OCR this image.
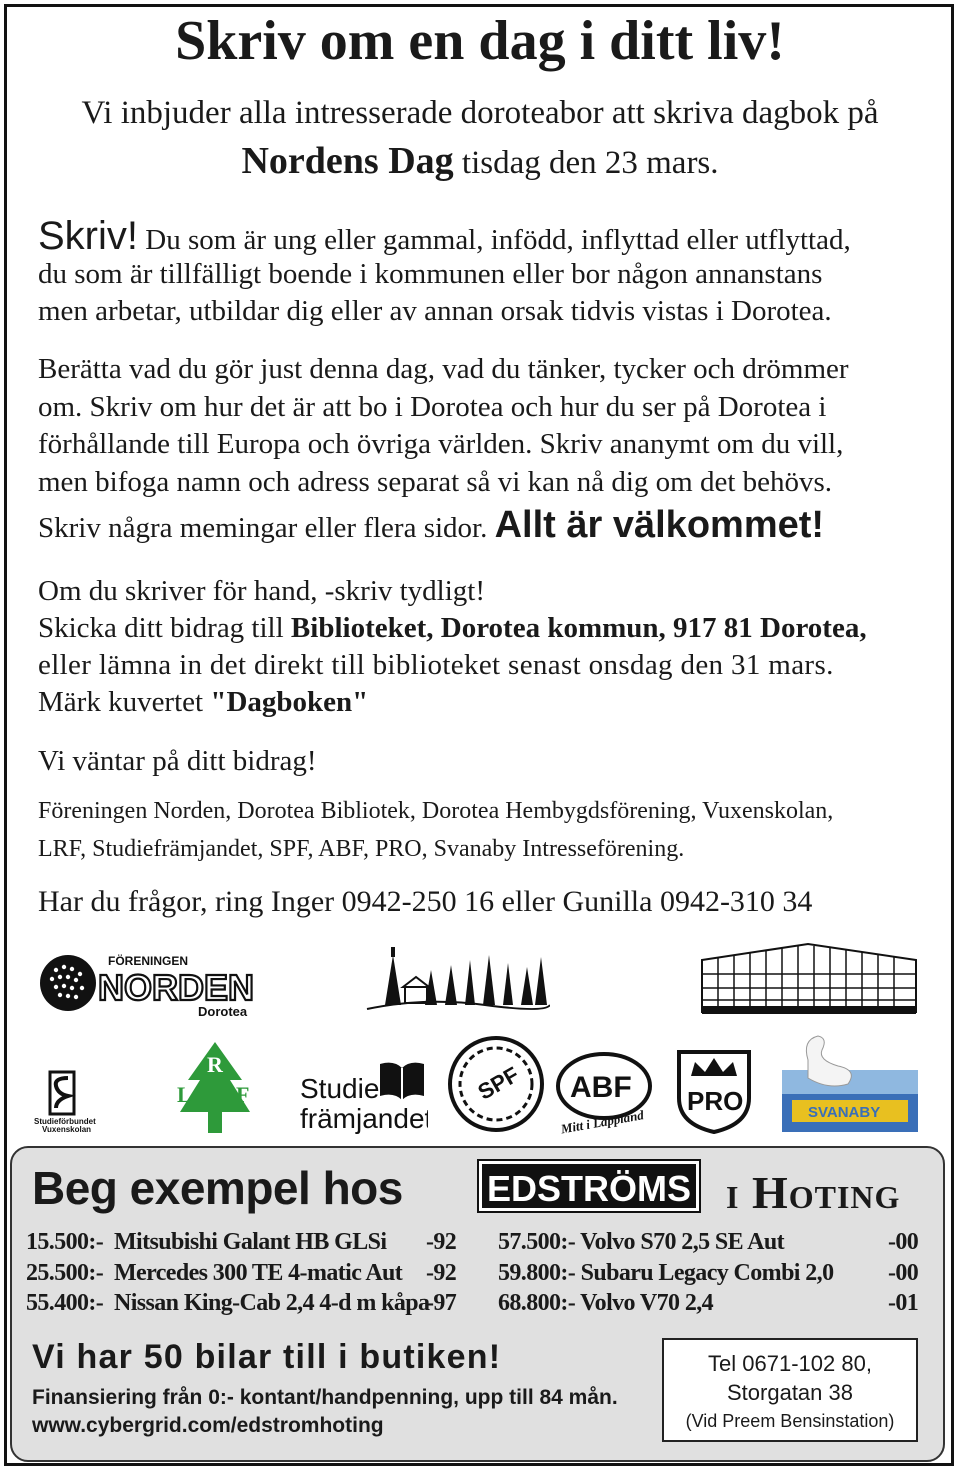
Skriv om en dag i ditt liv!
Vi inbjuder alla intresserade doroteabor att skriva dagbok på
Nordens Dag tisdag den 23 mars.
Skriv! Du som är ung eller gammal, infödd, inflyttad eller utflyttad,
du som är tillfälligt boende i kommunen eller bor någon annanstans
men arbetar, utbildar dig eller av annan orsak tidvis vistas i Dorotea.
Berätta vad du gör just denna dag, vad du tänker, tycker och drömmer
om. Skriv om hur det är att bo i Dorotea och hur du ser på Dorotea i
förhållande till Europa och övriga världen. Skriv ananymt om du vill,
men bifoga namn och adress separat så vi kan nå dig om det behövs.
Skriv några memingar eller flera sidor. Allt är välkommet!
Om du skriver för hand, -skriv tydligt!
Skicka ditt bidrag till Biblioteket, Dorotea kommun, 917 81 Dorotea,
eller lämna in det direkt till biblioteket senast onsdag den 31 mars.
Märk kuvertet "Dagboken"
Vi väntar på ditt bidrag!
Föreningen Norden, Dorotea Bibliotek, Dorotea Hembygdsförening, Vuxenskolan,
LRF, Studiefrämjandet, SPF, ABF, PRO, Svanaby Intresseförening.
Har du frågor, ring Inger 0942-250 16 eller Gunilla 0942-310 34
FÖRENINGEN
NORDEN
Dorotea
Studieförbundet
Vuxenskolan
R
L F Studie
främjandet
SPF ABF
Mitt i Lappland
PRO	SVANABY
Beg exempel hos EDSTRÖMS i Hoting
15.500:- Mitsubishi Galant HB GLSi -92
25.500:- Mercedes 300 TE 4-matic Aut -92
55.400:- Nissan King-Cab 2,4 4-d m kåpa-97
57.500:- Volvo S70 2,5 SE Aut	-00
59.800:- Subaru Legacy Combi 2,0 -00
68.800:- Volvo V70 2,4	-01
Vi har 50 bilar till i butiken!
Finansiering från 0:- kontant/handpenning, upp till 84 mån.
www.cybergrid.com/edstromhoting
Tel 0671-102 80,
Storgatan 38
(Vid Preem Bensinstation)
